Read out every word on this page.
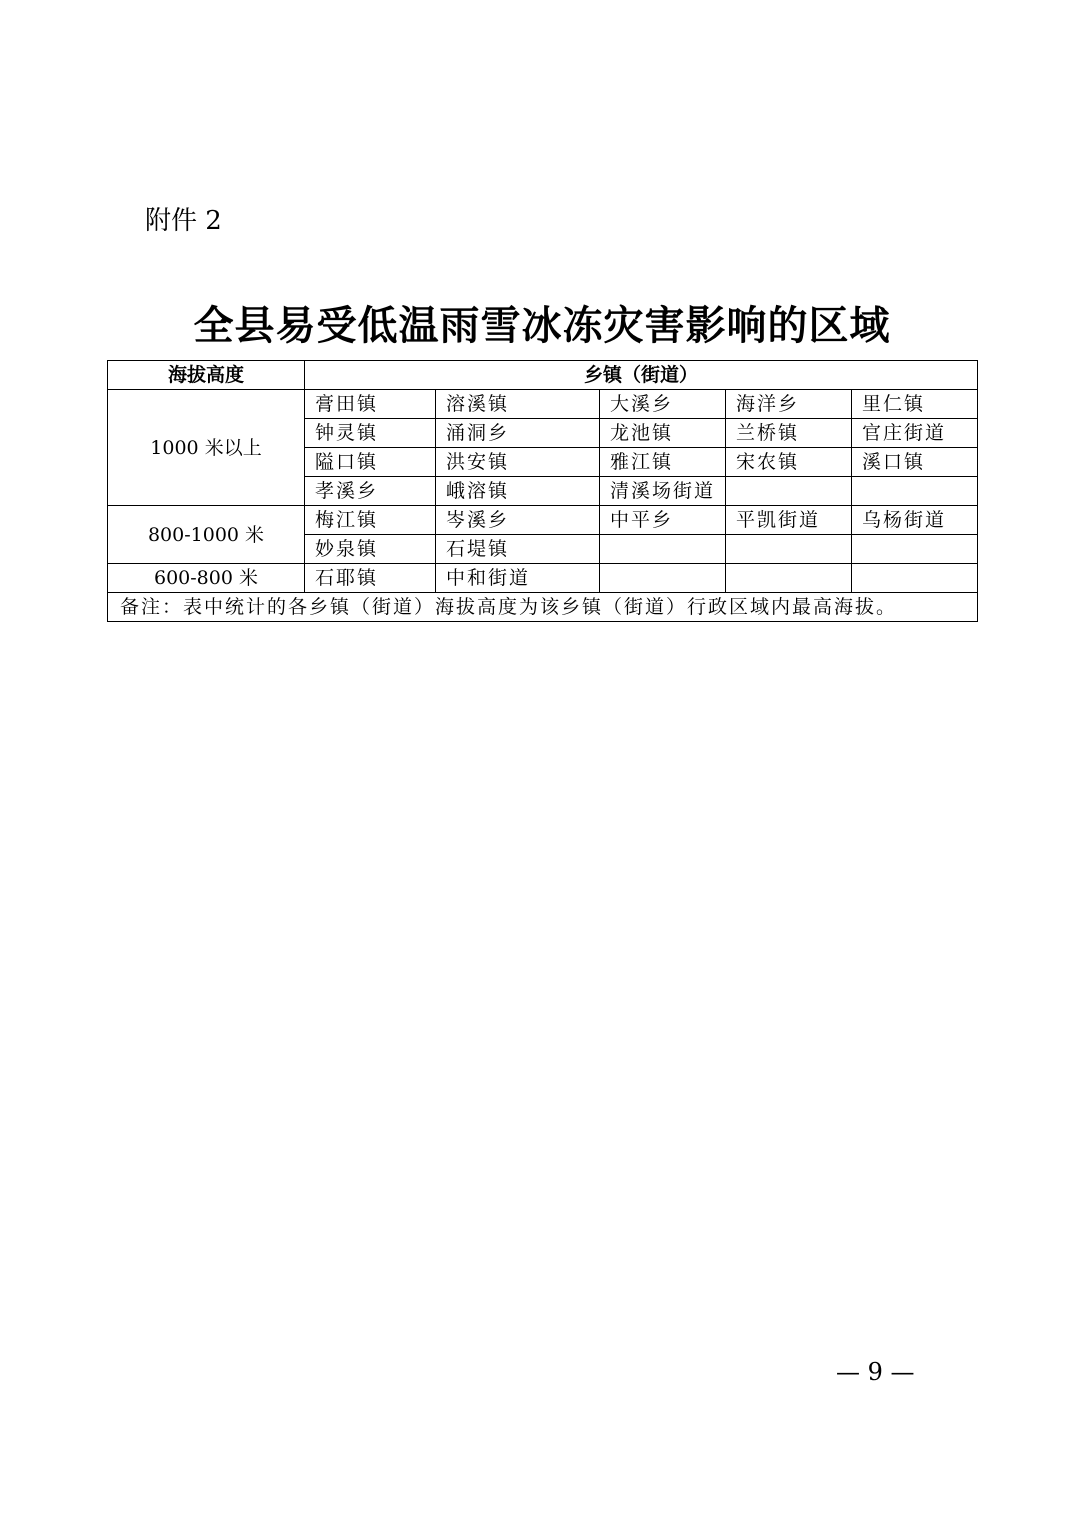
附件 2
全县易受低温雨雪冰冻灾害影响的区域
海拔高度	乡镇（街道）				
1000 米以上	膏田镇	溶溪镇	大溪乡	海洋乡	里仁镇
	钟灵镇	涌洞乡	龙池镇	兰桥镇	官庄街道
	隘口镇	洪安镇	雅江镇	宋农镇	溪口镇
	孝溪乡	峨溶镇	清溪场街道		
800-1000 米	梅江镇	岑溪乡	中平乡	平凯街道	乌杨街道
	妙泉镇	石堤镇			
600-800 米	石耶镇	中和街道			
备注：表中统计的各乡镇（街道）海拔高度为该乡镇（街道）行政区域内最高海拔。					
— 9 —
